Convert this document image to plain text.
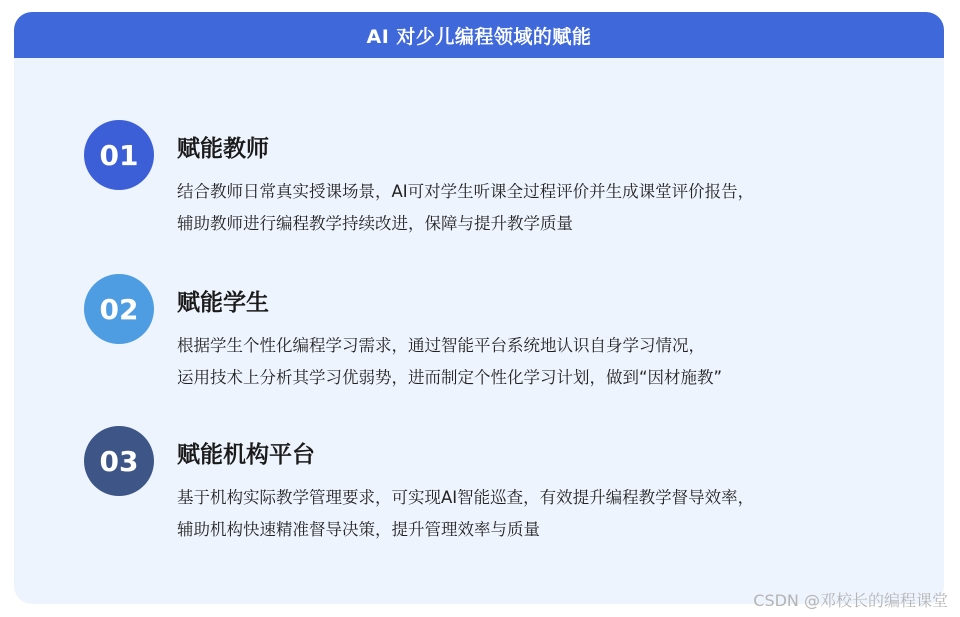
AI 对少儿编程领域的赋能
01	赋能教师
结合教师日常真实授课场景，AI可对学生听课全过程评价并生成课堂评价报告，
辅助教师进行编程教学持续改进，保障与提升教学质量
02	赋能学生
根据学生个性化编程学习需求，通过智能平台系统地认识自身学习情况，
运用技术上分析其学习优弱势，进而制定个性化学习计划，做到“因材施教”
03	赋能机构平台
基于机构实际教学管理要求，可实现AI智能巡查，有效提升编程教学督导效率，
辅助机构快速精准督导决策，提升管理效率与质量
CSDN @邓校长的编程课堂
